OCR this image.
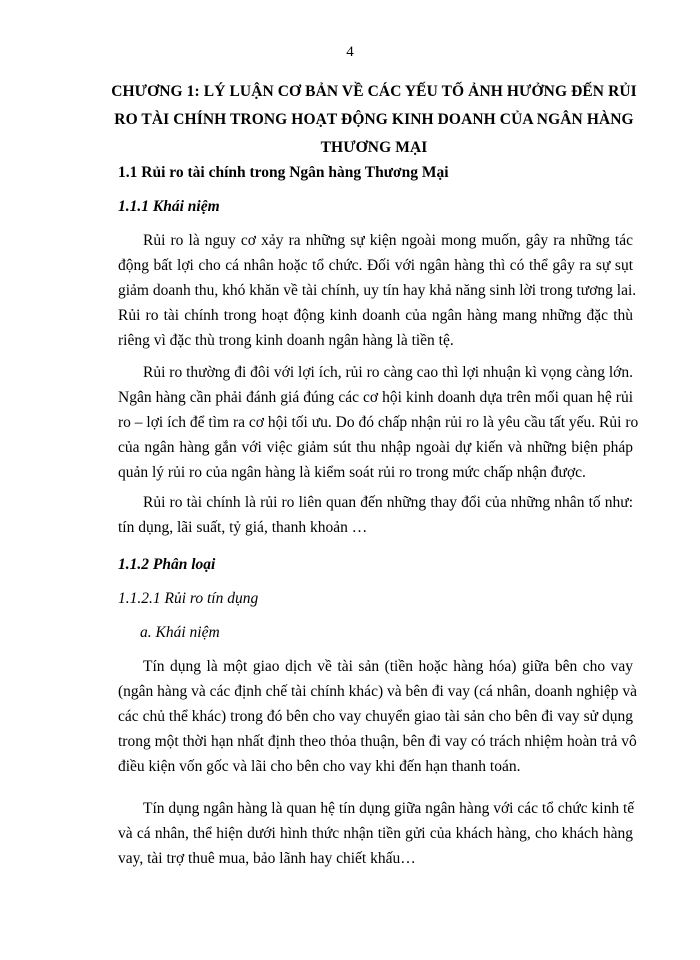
4
CHƯƠNG 1: LÝ LUẬN CƠ BẢN VỀ CÁC YẾU TỐ ẢNH HƯỞNG ĐẾN RỦI
RO TÀI CHÍNH TRONG HOẠT ĐỘNG KINH DOANH CỦA NGÂN HÀNG
THƯƠNG MẠI
1.1 Rủi ro tài chính trong Ngân hàng Thương Mại
1.1.1 Khái niệm
Rủi ro là nguy cơ xảy ra những sự kiện ngoài mong muốn, gây ra những tác
động bất lợi cho cá nhân hoặc tổ chức. Đối với ngân hàng thì có thể gây ra sự sụt
giảm doanh thu, khó khăn về tài chính, uy tín hay khả năng sinh lời trong tương lai.
Rủi ro tài chính trong hoạt động kinh doanh của ngân hàng mang những đặc thù
riêng vì đặc thù trong kinh doanh ngân hàng là tiền tệ.
Rủi ro thường đi đôi với lợi ích, rủi ro càng cao thì lợi nhuận kì vọng càng lớn.
Ngân hàng cần phải đánh giá đúng các cơ hội kinh doanh dựa trên mối quan hệ rủi
ro – lợi ích để tìm ra cơ hội tối ưu. Do đó chấp nhận rủi ro là yêu cầu tất yếu. Rủi ro
của ngân hàng gắn với việc giảm sút thu nhập ngoài dự kiến và những biện pháp
quản lý rủi ro của ngân hàng là kiểm soát rủi ro trong mức chấp nhận được.
Rủi ro tài chính là rủi ro liên quan đến những thay đổi của những nhân tố như:
tín dụng, lãi suất, tỷ giá, thanh khoản …
1.1.2 Phân loại
1.1.2.1 Rủi ro tín dụng
a. Khái niệm
Tín dụng là một giao dịch về tài sản (tiền hoặc hàng hóa) giữa bên cho vay
(ngân hàng và các định chế tài chính khác) và bên đi vay (cá nhân, doanh nghiệp và
các chủ thể khác) trong đó bên cho vay chuyển giao tài sản cho bên đi vay sử dụng
trong một thời hạn nhất định theo thỏa thuận, bên đi vay có trách nhiệm hoàn trả vô
điều kiện vốn gốc và lãi cho bên cho vay khi đến hạn thanh toán.
Tín dụng ngân hàng là quan hệ tín dụng giữa ngân hàng với các tổ chức kinh tế
và cá nhân, thể hiện dưới hình thức nhận tiền gửi của khách hàng, cho khách hàng
vay, tài trợ thuê mua, bảo lãnh hay chiết khấu…
